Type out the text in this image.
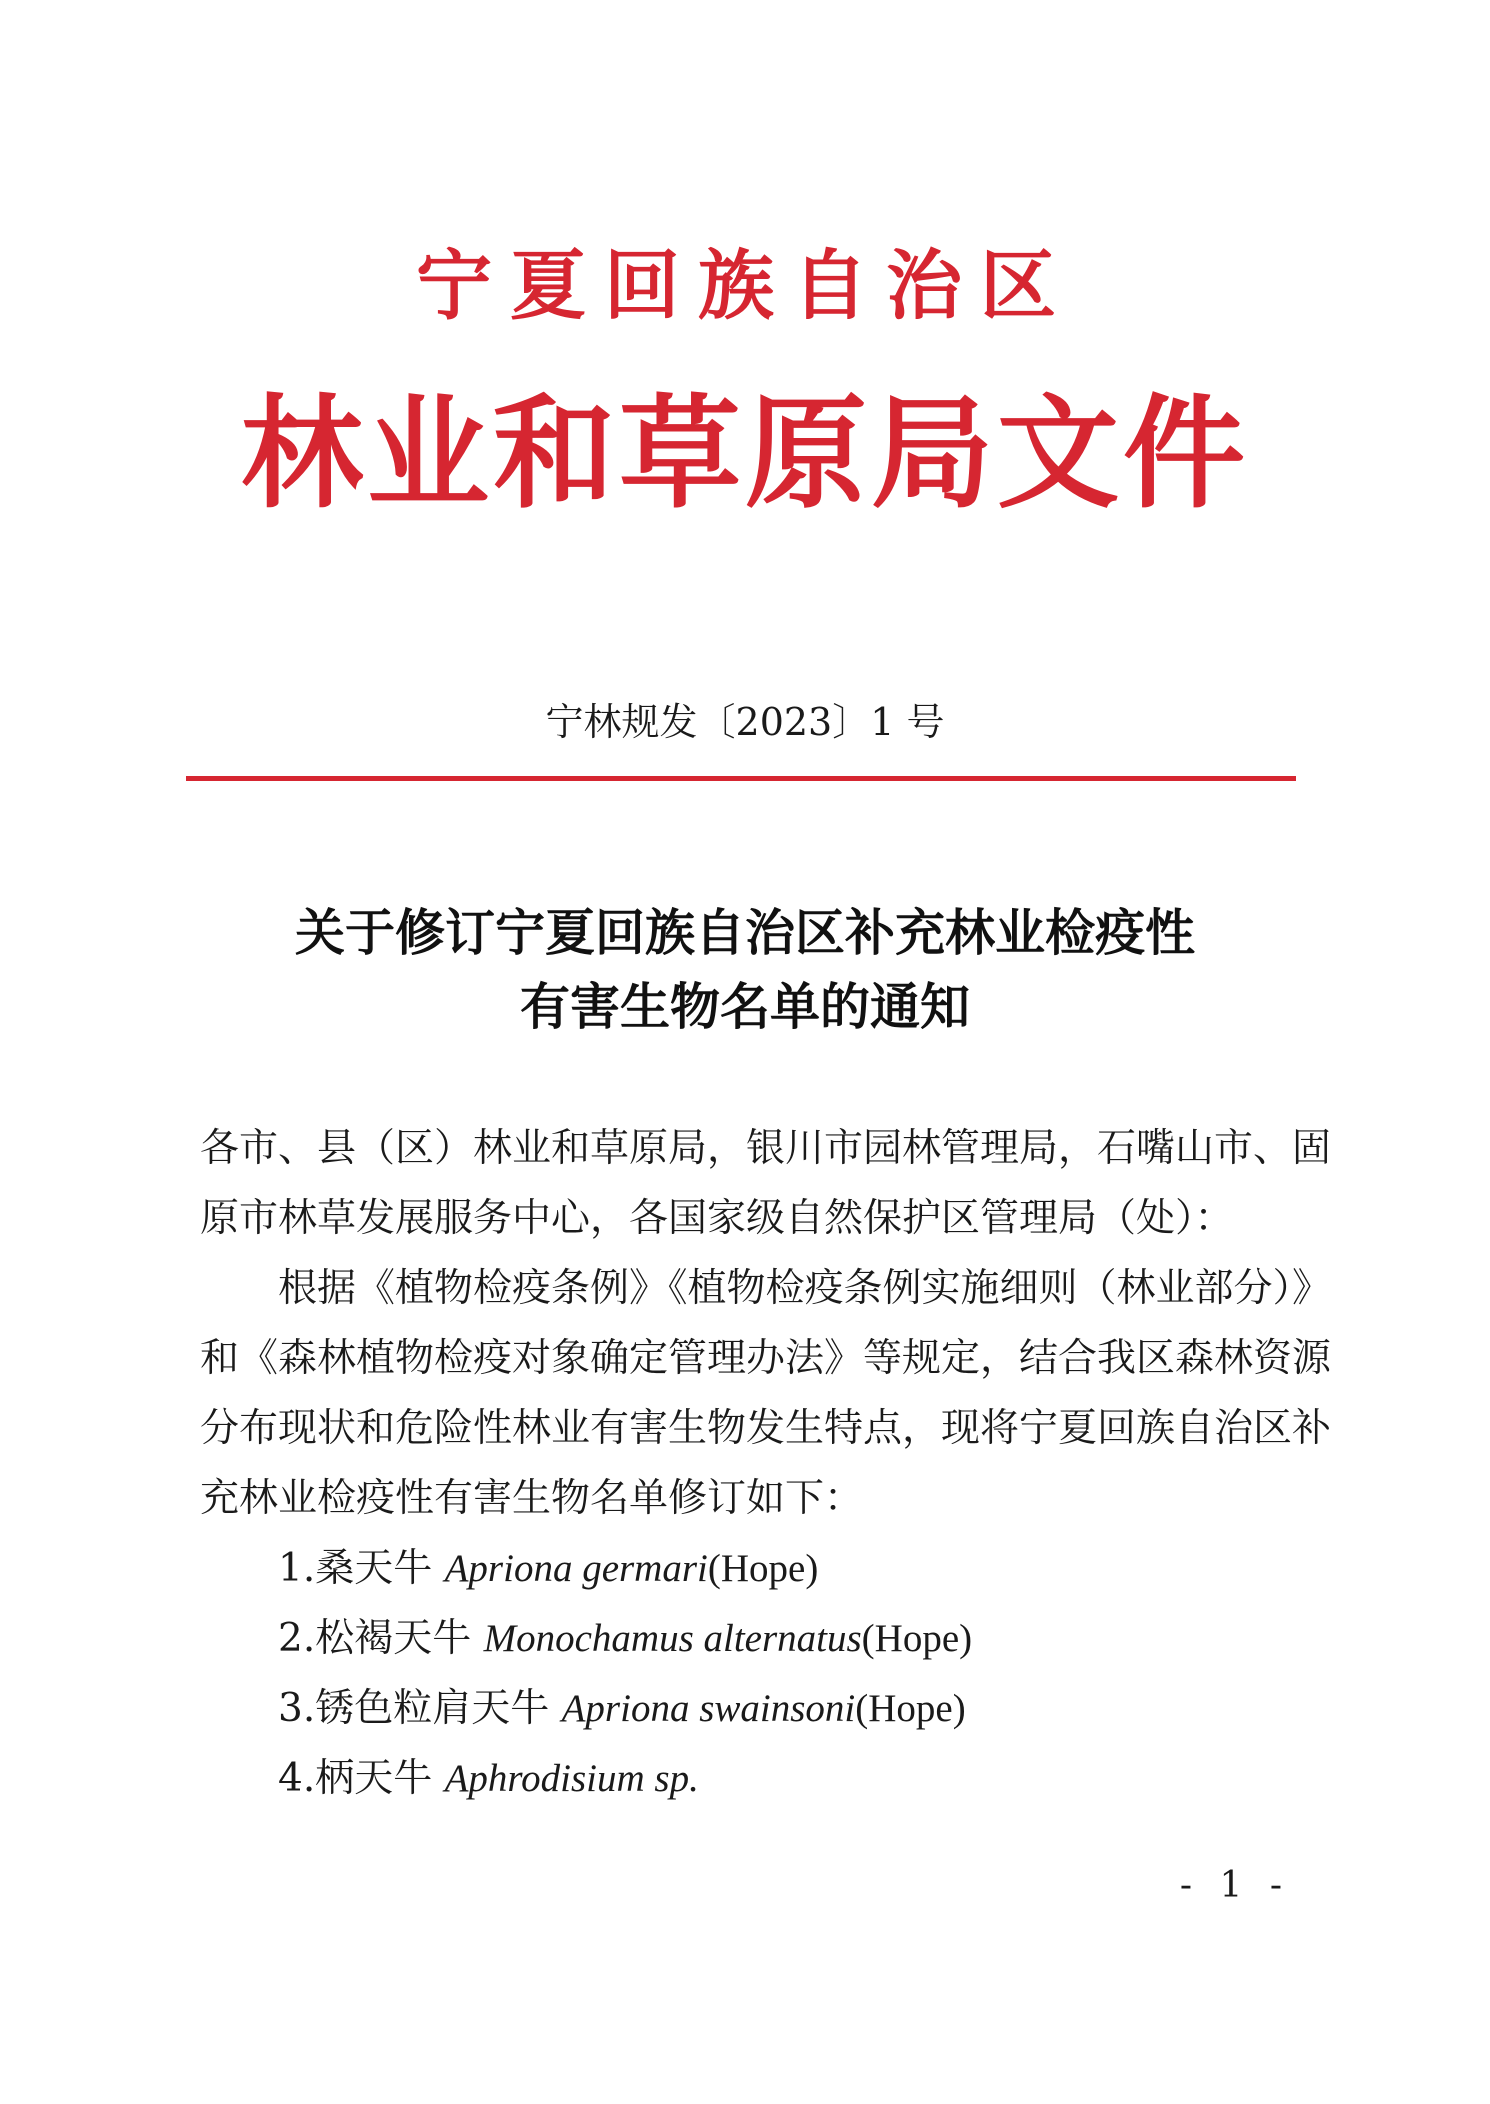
宁夏回族自治区
林业和草原局文件
宁林规发〔2023〕1 号
关于修订宁夏回族自治区补充林业检疫性
有害生物名单的通知
各市、县（区）林业和草原局，银川市园林管理局，石嘴山市、固
原市林草发展服务中心，各国家级自然保护区管理局（处）：
根据《植物检疫条例》《植物检疫条例实施细则（林业部分）》
和《森林植物检疫对象确定管理办法》等规定，结合我区森林资源
分布现状和危险性林业有害生物发生特点，现将宁夏回族自治区补
充林业检疫性有害生物名单修订如下：
1.桑天牛 Apriona germari(Hope)
2.松褐天牛 Monochamus alternatus(Hope)
3.锈色粒肩天牛 Apriona swainsoni(Hope)
4.柄天牛 Aphrodisium sp.
- 1 -
